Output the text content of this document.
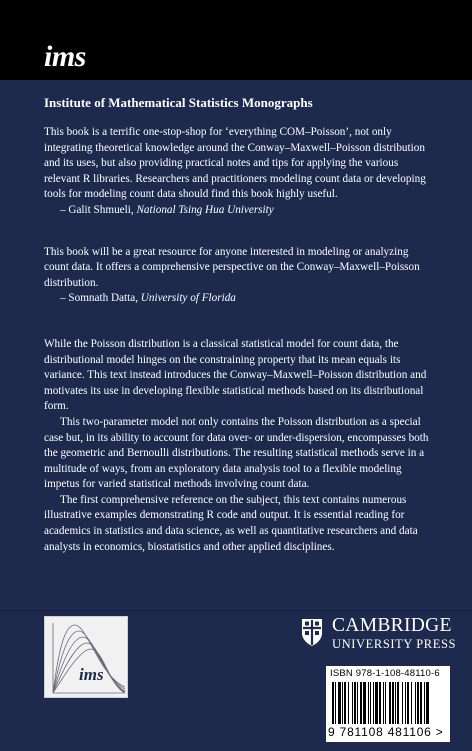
ims
Institute of Mathematical Statistics Monographs

This book is a terrific one-stop-shop for ‘everything COM–Poisson’, not only integrating theoretical knowledge around the Conway–Maxwell–Poisson distribution and its uses, but also providing practical notes and tips for applying the various relevant R libraries. Researchers and practitioners modeling count data or developing tools for modeling count data should find this book highly useful.

– Galit Shmueli, National Tsing Hua University

This book will be a great resource for anyone interested in modeling or analyzing count data. It offers a comprehensive perspective on the Conway–Maxwell–Poisson distribution.

– Somnath Datta, University of Florida

While the Poisson distribution is a classical statistical model for count data, the distributional model hinges on the constraining property that its mean equals its variance. This text instead introduces the Conway–Maxwell–Poisson distribution and motivates its use in developing flexible statistical methods based on its distributional form.

This two-parameter model not only contains the Poisson distribution as a special case but, in its ability to account for data over- or under-dispersion, encompasses both the geometric and Bernoulli distributions. The resulting statistical methods serve in a multitude of ways, from an exploratory data analysis tool to a flexible modeling impetus for varied statistical methods involving count data.

The first comprehensive reference on the subject, this text contains numerous illustrative examples demonstrating R code and output. It is essential reading for academics in statistics and data science, as well as quantitative researchers and data analysts in economics, biostatistics and other applied disciplines.

ims
CAMBRIDGE
UNIVERSITY PRESS
ISBN 978-1-108-48110-6
9 781108 481106 >
